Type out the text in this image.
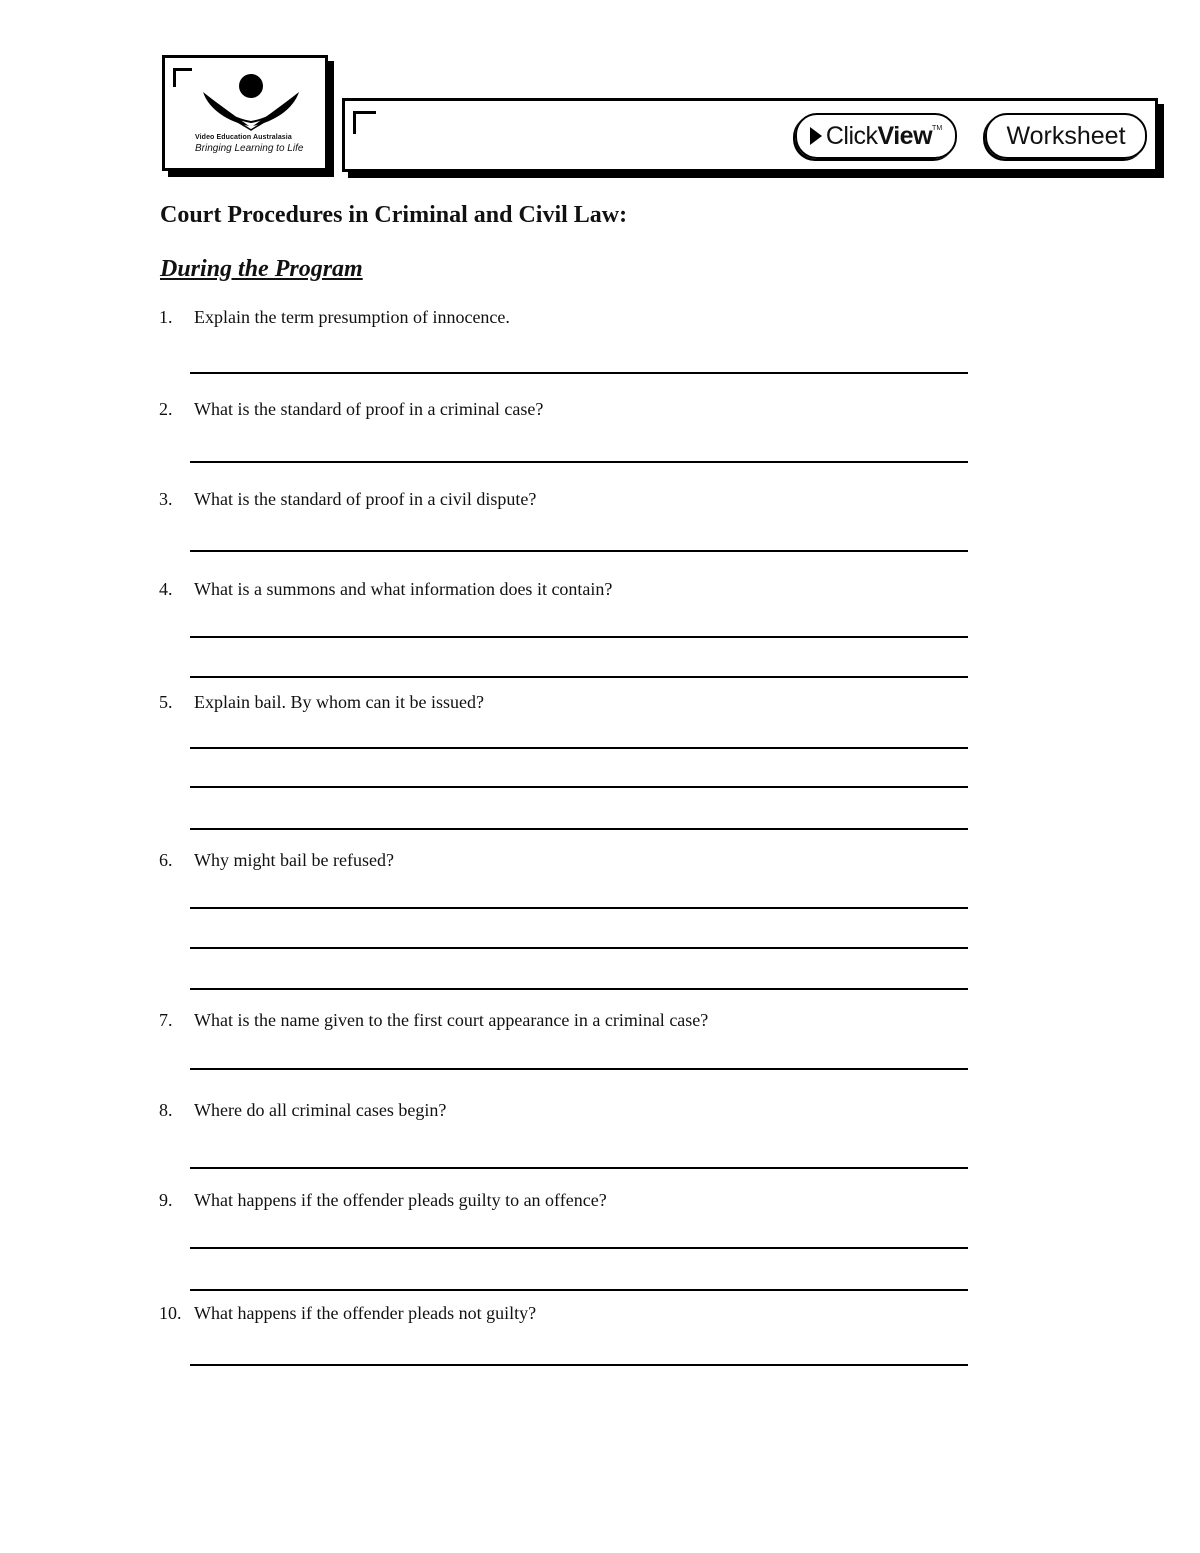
Video Education Australasia
Bringing Learning to Life	Click View TM	Worksheet
Court Procedures in Criminal and Civil Law:
During the Program
1. Explain the term presumption of innocence.
2. What is the standard of proof in a criminal case?
3. What is the standard of proof in a civil dispute?
4. What is a summons and what information does it contain?
5. Explain bail. By whom can it be issued?
6. Why might bail be refused?
7. What is the name given to the first court appearance in a criminal case?
8. Where do all criminal cases begin?
9. What happens if the offender pleads guilty to an offence?
10. What happens if the offender pleads not guilty?
